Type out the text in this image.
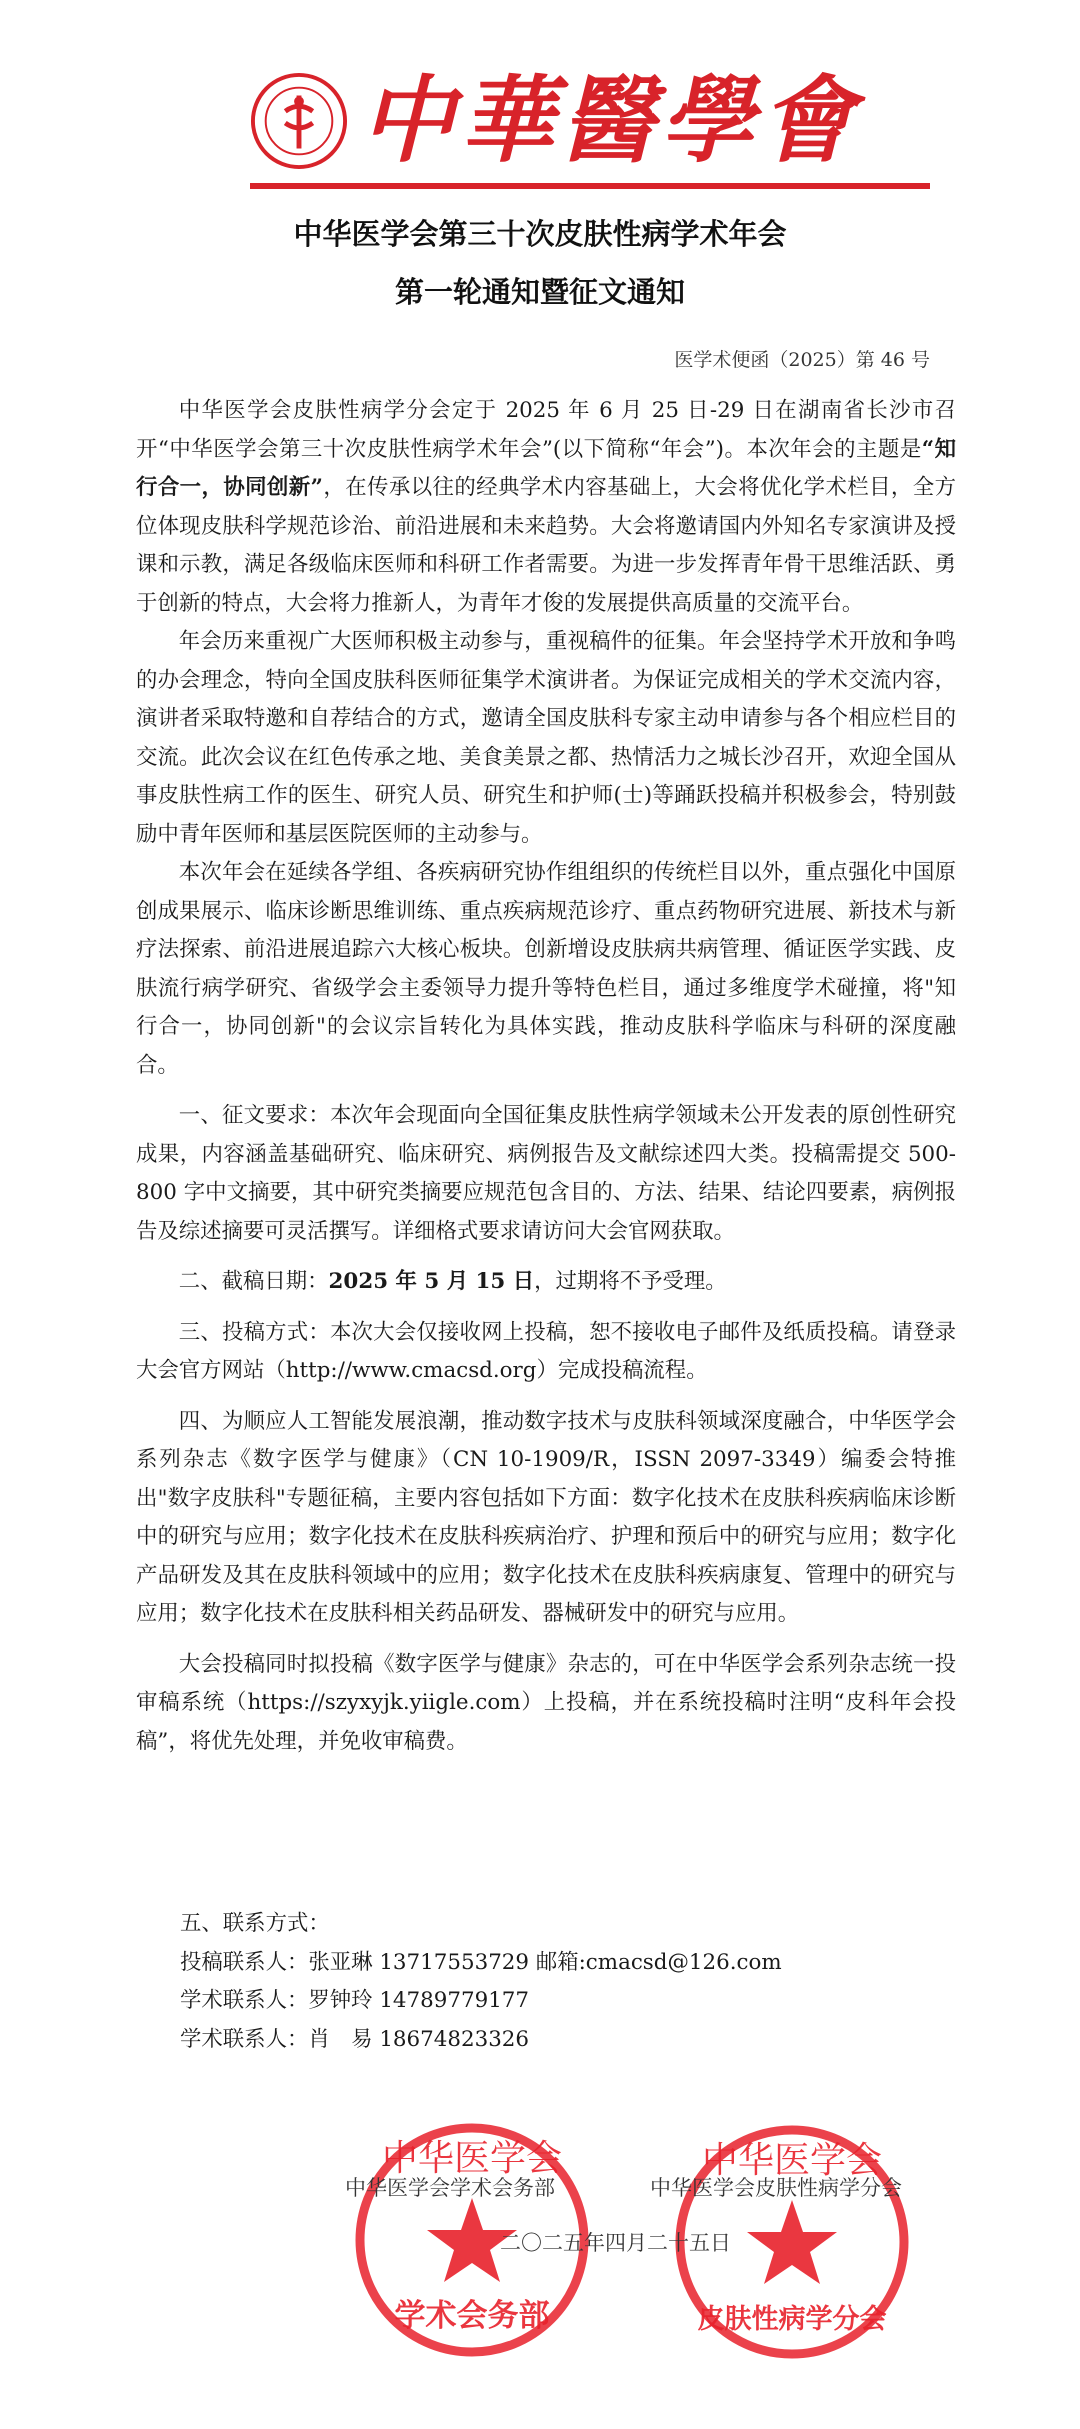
中華醫學會
中华医学会第三十次皮肤性病学术年会
第一轮通知暨征文通知
医学术便函（2025）第 46 号

中华医学会皮肤性病学分会定于 2025 年 6 月 25 日-29 日在湖南省长沙市召开“中华医学会第三十次皮肤性病学术年会”(以下简称“年会”)。本次年会的主题是“知行合一，协同创新”，在传承以往的经典学术内容基础上，大会将优化学术栏目，全方位体现皮肤科学规范诊治、前沿进展和未来趋势。大会将邀请国内外知名专家演讲及授课和示教，满足各级临床医师和科研工作者需要。为进一步发挥青年骨干思维活跃、勇于创新的特点，大会将力推新人，为青年才俊的发展提供高质量的交流平台。

年会历来重视广大医师积极主动参与，重视稿件的征集。年会坚持学术开放和争鸣的办会理念，特向全国皮肤科医师征集学术演讲者。为保证完成相关的学术交流内容，演讲者采取特邀和自荐结合的方式，邀请全国皮肤科专家主动申请参与各个相应栏目的交流。此次会议在红色传承之地、美食美景之都、热情活力之城长沙召开，欢迎全国从事皮肤性病工作的医生、研究人员、研究生和护师(士)等踊跃投稿并积极参会，特别鼓励中青年医师和基层医院医师的主动参与。

本次年会在延续各学组、各疾病研究协作组组织的传统栏目以外，重点强化中国原创成果展示、临床诊断思维训练、重点疾病规范诊疗、重点药物研究进展、新技术与新疗法探索、前沿进展追踪六大核心板块。创新增设皮肤病共病管理、循证医学实践、皮肤流行病学研究、省级学会主委领导力提升等特色栏目，通过多维度学术碰撞，将"知行合一，协同创新"的会议宗旨转化为具体实践，推动皮肤科学临床与科研的深度融合。

一、征文要求：本次年会现面向全国征集皮肤性病学领域未公开发表的原创性研究成果，内容涵盖基础研究、临床研究、病例报告及文献综述四大类。投稿需提交 500-800 字中文摘要，其中研究类摘要应规范包含目的、方法、结果、结论四要素，病例报告及综述摘要可灵活撰写。详细格式要求请访问大会官网获取。

二、截稿日期：2025 年 5 月 15 日，过期将不予受理。

三、投稿方式：本次大会仅接收网上投稿，恕不接收电子邮件及纸质投稿。请登录大会官方网站（http://www.cmacsd.org）完成投稿流程。

四、为顺应人工智能发展浪潮，推动数字技术与皮肤科领域深度融合，中华医学会系列杂志《数字医学与健康》（CN 10-1909/R，ISSN 2097-3349）编委会特推出"数字皮肤科"专题征稿，主要内容包括如下方面：数字化技术在皮肤科疾病临床诊断中的研究与应用；数字化技术在皮肤科疾病治疗、护理和预后中的研究与应用；数字化产品研发及其在皮肤科领域中的应用；数字化技术在皮肤科疾病康复、管理中的研究与应用；数字化技术在皮肤科相关药品研发、器械研发中的研究与应用。

大会投稿同时拟投稿《数字医学与健康》杂志的，可在中华医学会系列杂志统一投审稿系统（https://szyxyjk.yiigle.com）上投稿，并在系统投稿时注明“皮科年会投稿”，将优先处理，并免收审稿费。

五、联系方式：
投稿联系人：张亚琳 13717553729 邮箱:cmacsd@126.com
学术联系人：罗钟玲 14789779177
学术联系人：肖　易 18674823326
中华医学会
学术会务部
中华医学会
皮肤性病学分会
中华医学会学术会务部	中华医学会皮肤性病学分会
二〇二五年四月二十五日
